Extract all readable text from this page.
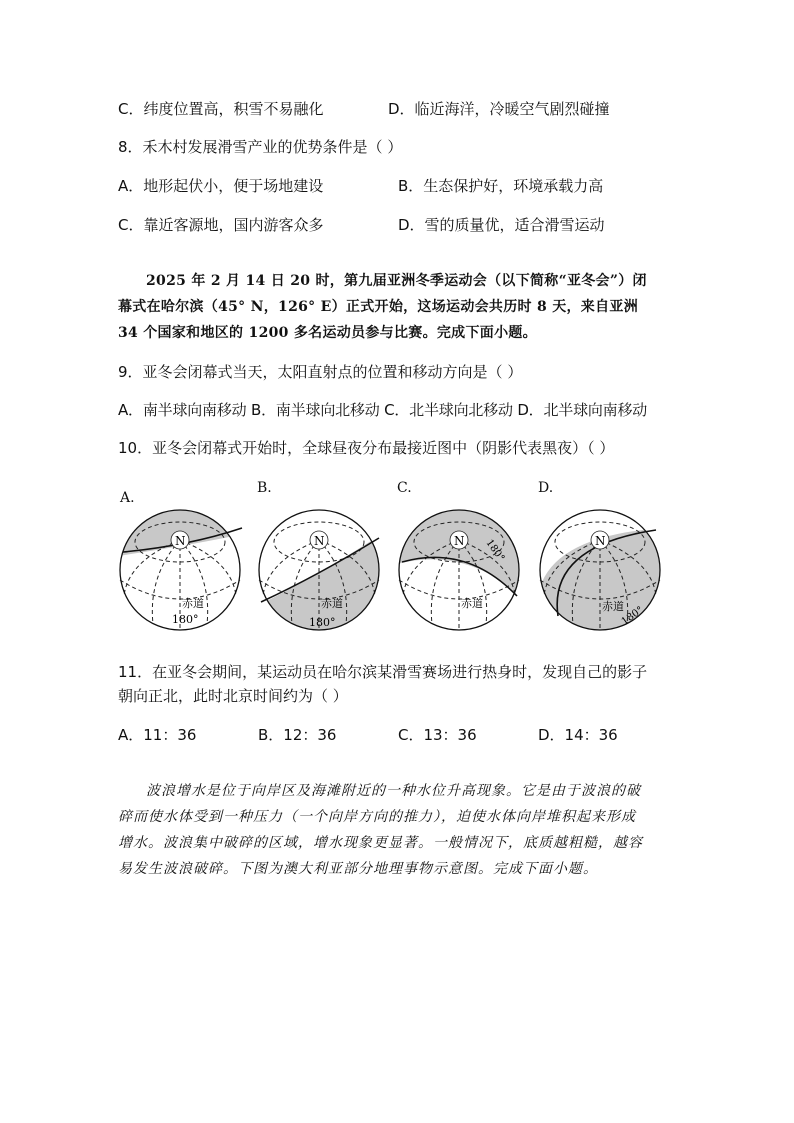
C．纬度位置高，积雪不易融化	D．临近海洋，冷暖空气剧烈碰撞
8．禾木村发展滑雪产业的优势条件是（ ）
A．地形起伏小，便于场地建设	B．生态保护好，环境承载力高
C．靠近客源地，国内游客众多	D．雪的质量优，适合滑雪运动
2025 年 2 月 14 日 20 时，第九届亚洲冬季运动会（以下简称“亚冬会”）闭
幕式在哈尔滨（45° N，126° E）正式开始，这场运动会共历时 8 天，来自亚洲
34 个国家和地区的 1200 多名运动员参与比赛。完成下面小题。
9．亚冬会闭幕式当天，太阳直射点的位置和移动方向是（ ）
A．南半球向南移动 B．南半球向北移动 C．北半球向北移动 D．北半球向南移动
10．亚冬会闭幕式开始时，全球昼夜分布最接近图中（阴影代表黑夜）（ ）
A.
B.	C.	D.
N
赤道
180°
N
赤道
180°
N
赤道
180°	N
赤道
180°
11．在亚冬会期间，某运动员在哈尔滨某滑雪赛场进行热身时，发现自己的影子
朝向正北，此时北京时间约为（ ）
A．11：36	B．12：36	C．13：36	D．14：36
波浪增水是位于向岸区及海滩附近的一种水位升高现象。它是由于波浪的破
碎而使水体受到一种压力（一个向岸方向的推力），迫使水体向岸堆积起来形成
增水。波浪集中破碎的区域，增水现象更显著。一般情况下，底质越粗糙，越容
易发生波浪破碎。下图为澳大利亚部分地理事物示意图。完成下面小题。
